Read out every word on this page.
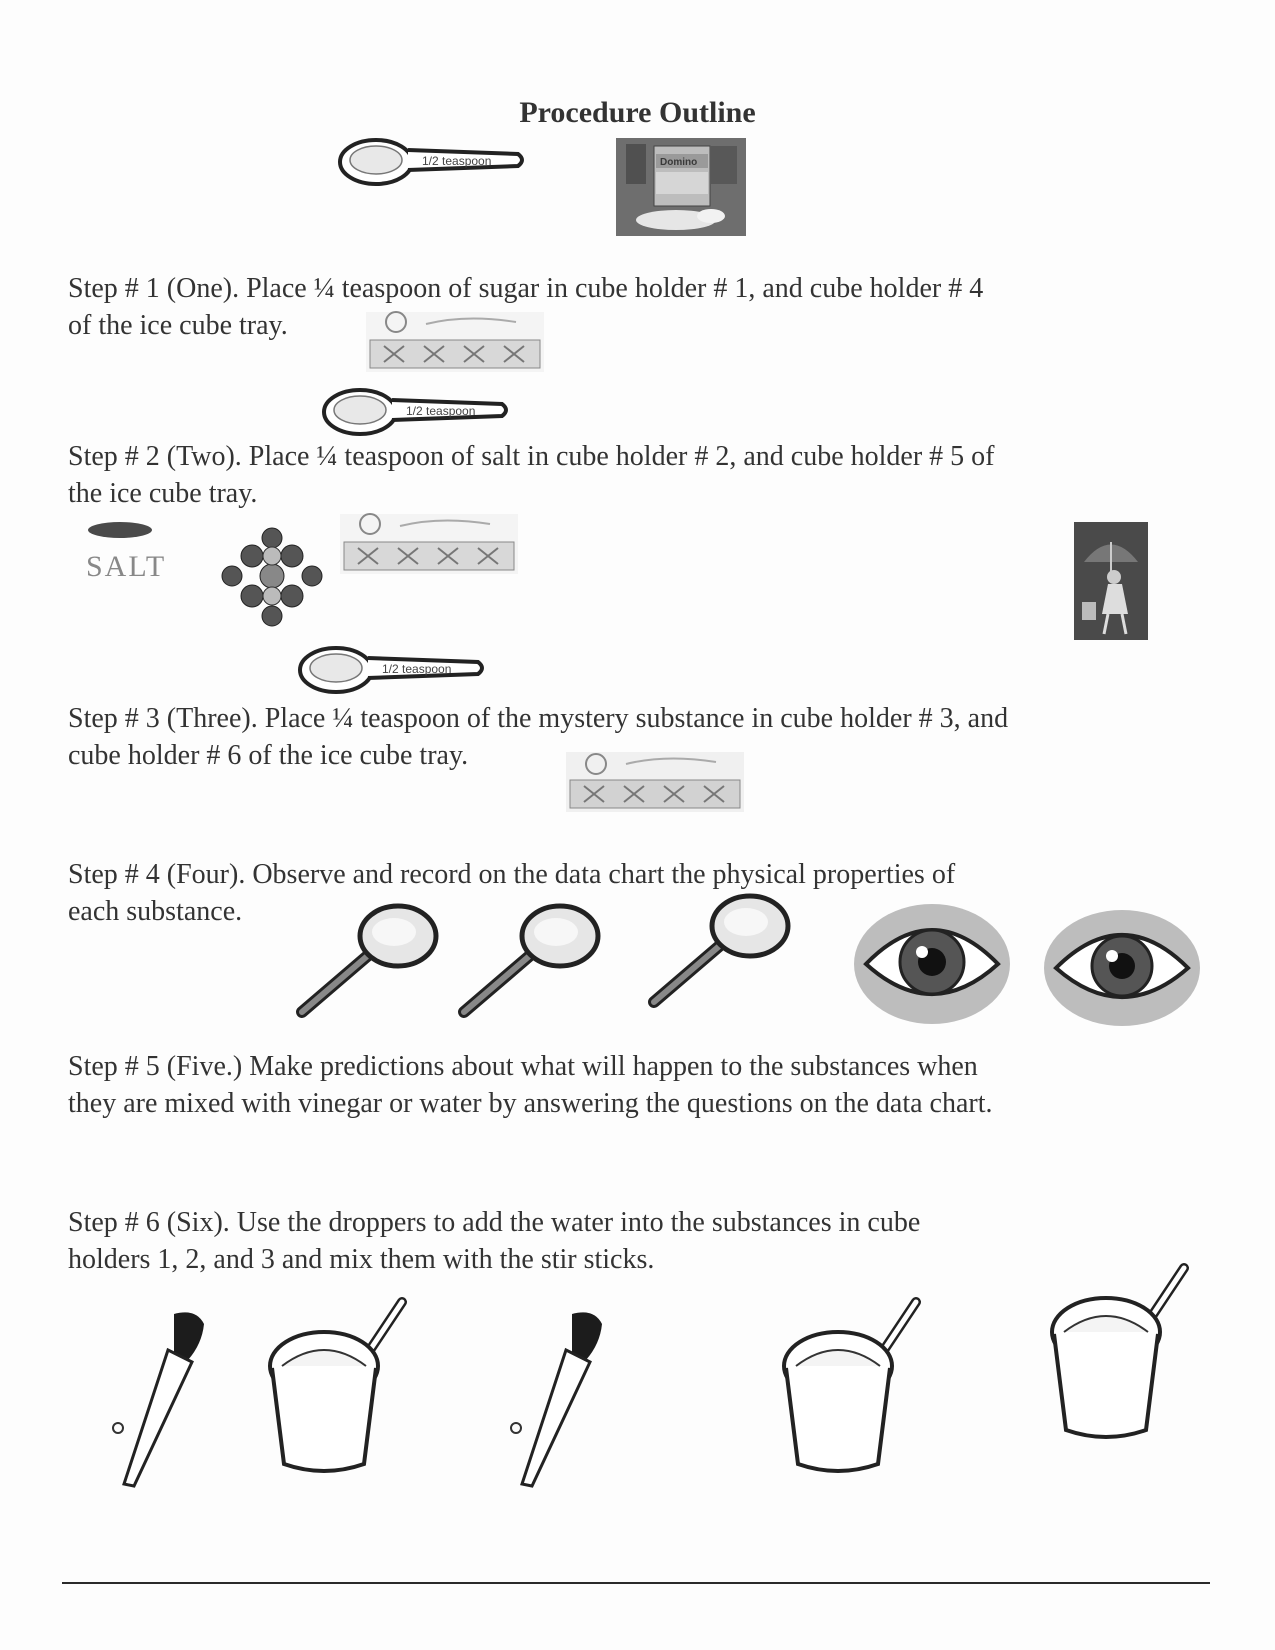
Procedure Outline
1/2 teaspoon	Domino

Step # 1 (One). Place ¼ teaspoon of sugar in cube holder # 1, and cube holder # 4

of the ice cube tray.

1/2 teaspoon

Step # 2 (Two). Place ¼ teaspoon of salt in cube holder # 2, and cube holder # 5 of

the ice cube tray.

SALT
1/2 teaspoon

Step # 3 (Three). Place ¼ teaspoon of the mystery substance in cube holder # 3, and

cube holder # 6 of the ice cube tray.

Step # 4 (Four). Observe and record on the data chart the physical properties of

each substance.

Step # 5 (Five.) Make predictions about what will happen to the substances when

they are mixed with vinegar or water by answering the questions on the data chart.

Step # 6 (Six). Use the droppers to add the water into the substances in cube

holders 1, 2, and 3 and mix them with the stir sticks.
